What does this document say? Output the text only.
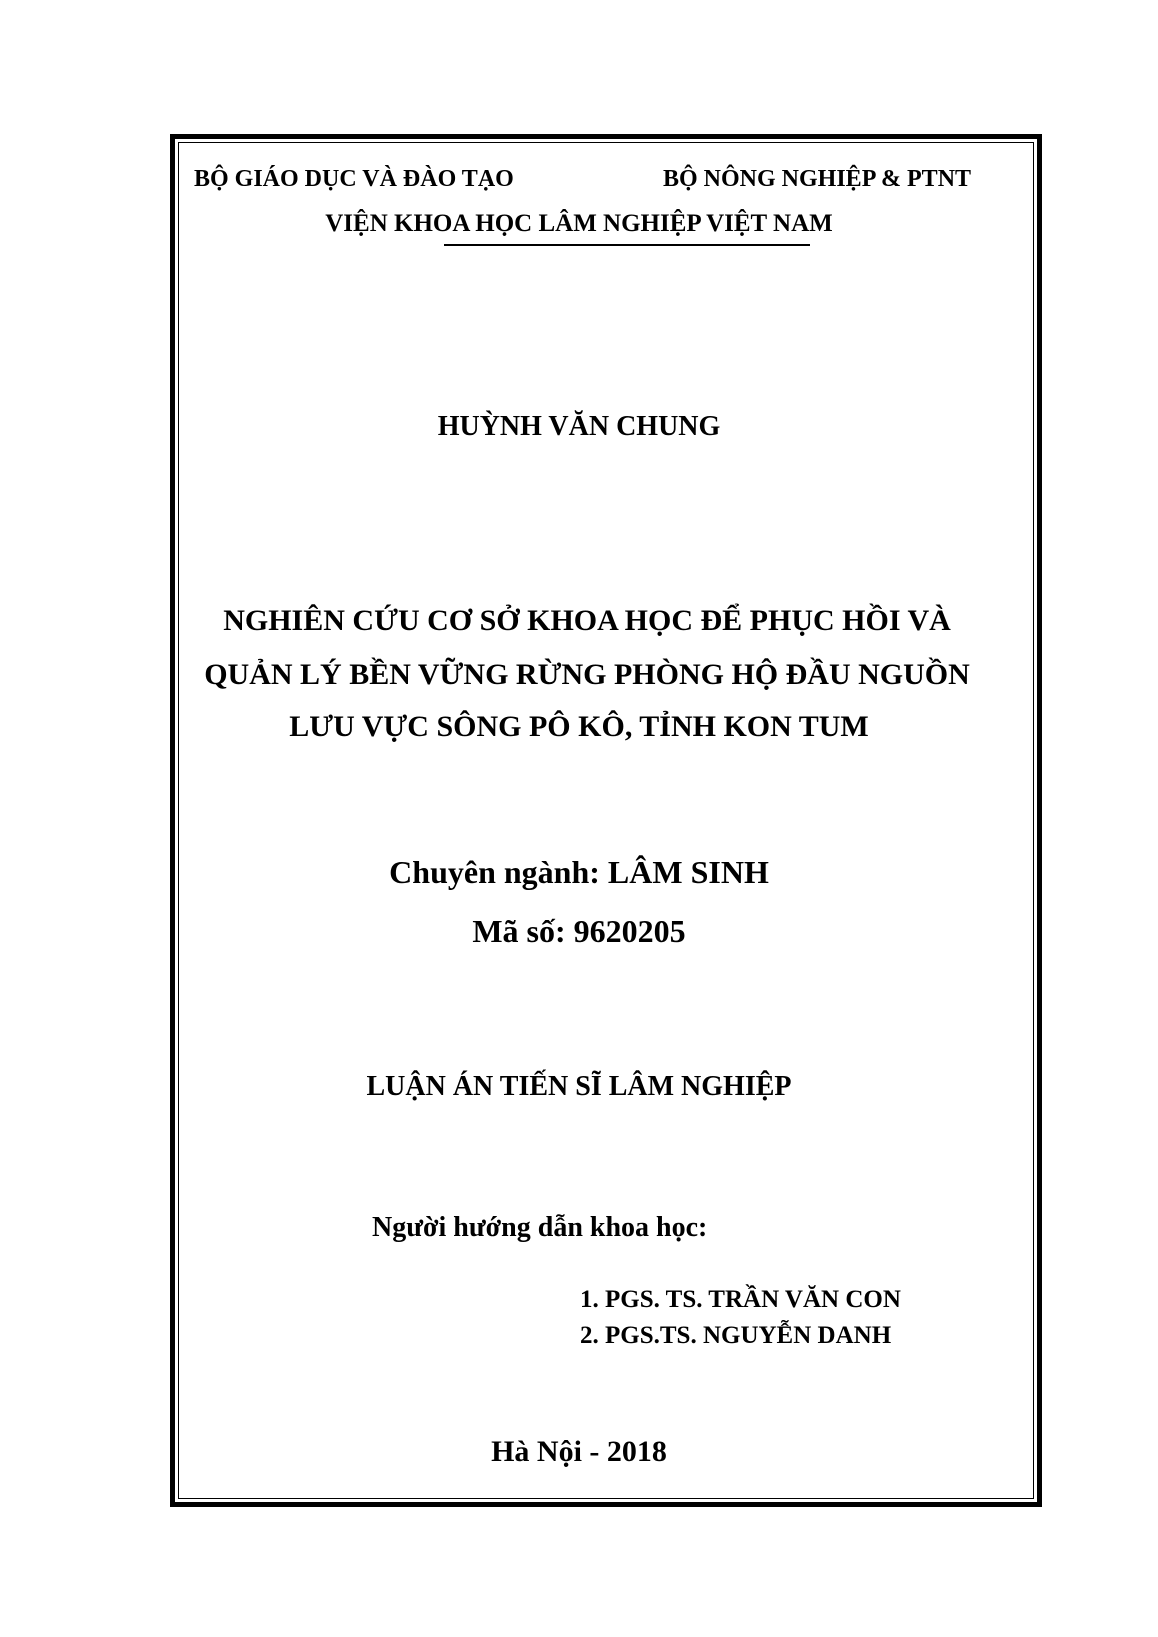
BỘ GIÁO DỤC VÀ ĐÀO TẠO	BỘ NÔNG NGHIỆP & PTNT
VIỆN KHOA HỌC LÂM NGHIỆP VIỆT NAM
HUỲNH VĂN CHUNG
NGHIÊN CỨU CƠ SỞ KHOA HỌC ĐỂ PHỤC HỒI VÀ
QUẢN LÝ BỀN VỮNG RỪNG PHÒNG HỘ ĐẦU NGUỒN
LƯU VỰC SÔNG PÔ KÔ, TỈNH KON TUM
Chuyên ngành: LÂM SINH
Mã số: 9620205
LUẬN ÁN TIẾN SĨ LÂM NGHIỆP
Người hướng dẫn khoa học:
1. PGS. TS. TRẦN VĂN CON
2. PGS.TS. NGUYỄN DANH
Hà Nội - 2018
